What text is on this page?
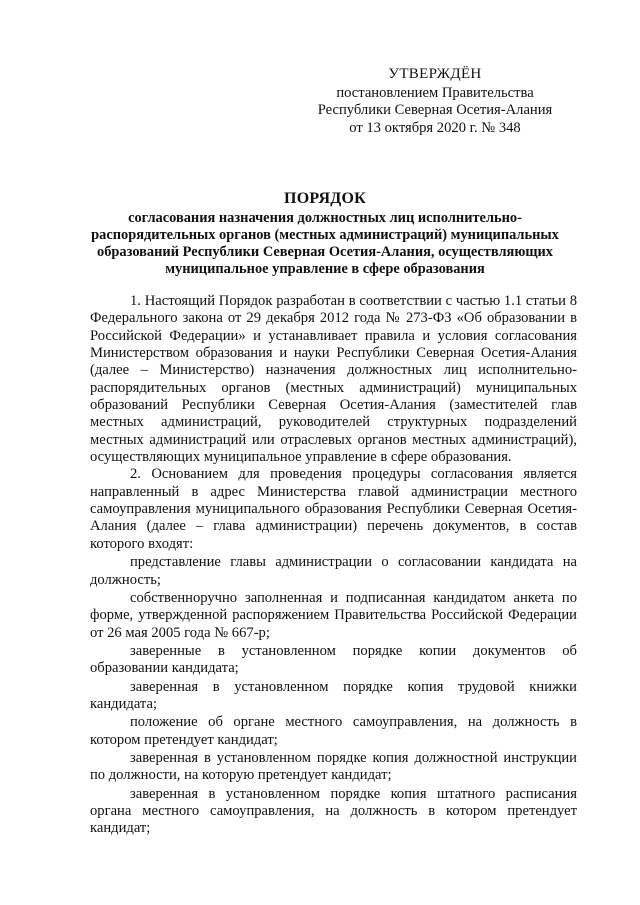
УТВЕРЖДЁН
постановлением Правительства
Республики Северная Осетия-Алания
от 13 октября 2020 г. № 348
ПОРЯДОК
согласования назначения должностных лиц исполнительно-распорядительных органов (местных администраций) муниципальных образований Республики Северная Осетия-Алания, осуществляющих муниципальное управление в сфере образования

1. Настоящий Порядок разработан в соответствии с частью 1.1 статьи 8 Федерального закона от 29 декабря 2012 года № 273-ФЗ «Об образовании в Российской Федерации» и устанавливает правила и условия согласования Министерством образования и науки Республики Северная Осетия-Алания (далее – Министерство) назначения должностных лиц исполнительно-распорядительных органов (местных администраций) муниципальных образований Республики Северная Осетия-Алания (заместителей глав местных администраций, руководителей структурных подразделений местных администраций или отраслевых органов местных администраций), осуществляющих муниципальное управление в сфере образования.

2. Основанием для проведения процедуры согласования является направленный в адрес Министерства главой администрации местного самоуправления муниципального образования Республики Северная Осетия-Алания (далее – глава администрации) перечень документов, в состав которого входят:

представление главы администрации о согласовании кандидата на должность;

собственноручно заполненная и подписанная кандидатом анкета по форме, утвержденной распоряжением Правительства Российской Федерации от 26 мая 2005 года № 667-р;

заверенные в установленном порядке копии документов об образовании кандидата;

заверенная в установленном порядке копия трудовой книжки кандидата;

положение об органе местного самоуправления, на должность в котором претендует кандидат;

заверенная в установленном порядке копия должностной инструкции по должности, на которую претендует кандидат;

заверенная в установленном порядке копия штатного расписания органа местного самоуправления, на должность в котором претендует кандидат;
